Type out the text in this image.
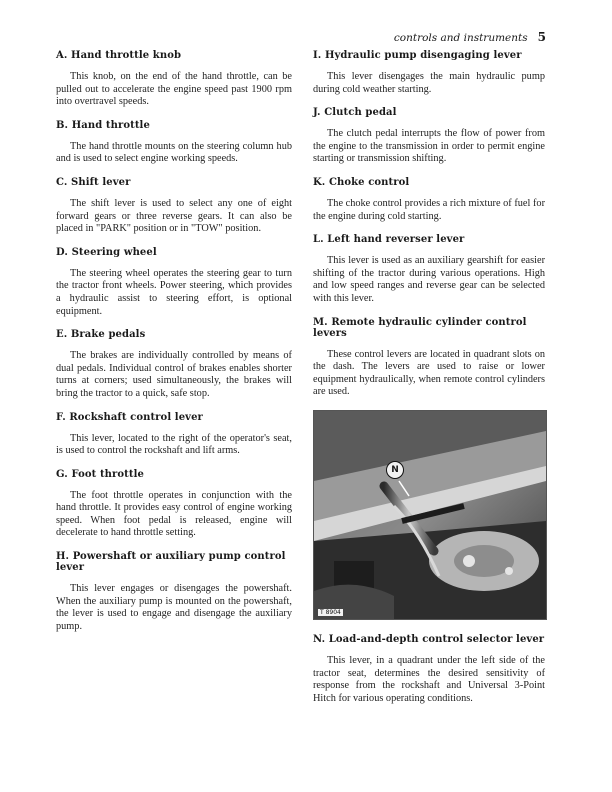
controls and instruments 5
A. Hand throttle knob

This knob, on the end of the hand throttle, can be pulled out to accelerate the engine speed past 1900 rpm into overtravel speeds.

B. Hand throttle

The hand throttle mounts on the steering column hub and is used to select engine working speeds.

C. Shift lever

The shift lever is used to select any one of eight forward gears or three reverse gears. It can also be placed in "PARK" position or in "TOW" position.

D. Steering wheel

The steering wheel operates the steering gear to turn the tractor front wheels. Power steering, which provides a hydraulic assist to steering effort, is optional equipment.

E. Brake pedals

The brakes are individually controlled by means of dual pedals. Individual control of brakes enables shorter turns at corners; used simultaneously, the brakes will bring the tractor to a quick, safe stop.

F. Rockshaft control lever

This lever, located to the right of the operator's seat, is used to control the rockshaft and lift arms.

G. Foot throttle

The foot throttle operates in conjunction with the hand throttle. It provides easy control of engine working speed. When foot pedal is released, engine will decelerate to hand throttle setting.

H. Powershaft or auxiliary pump control lever

This lever engages or disengages the powershaft. When the auxiliary pump is mounted on the powershaft, the lever is used to engage and disengage the auxiliary pump.

I. Hydraulic pump disengaging lever

This lever disengages the main hydraulic pump during cold weather starting.

J. Clutch pedal

The clutch pedal interrupts the flow of power from the engine to the transmission in order to permit engine starting or transmission shifting.

K. Choke control

The choke control provides a rich mixture of fuel for the engine during cold starting.

L. Left hand reverser lever

This lever is used as an auxiliary gearshift for easier shifting of the tractor during various operations. High and low speed ranges and reverse gear can be selected with this lever.

M. Remote hydraulic cylinder control levers

These control levers are located in quadrant slots on the dash. The levers are used to raise or lower equipment hydraulically, when remote control cylinders are used.

N
T 8904
N. Load-and-depth control selector lever

This lever, in a quadrant under the left side of the tractor seat, determines the desired sensitivity of response from the rockshaft and Universal 3-Point Hitch for various operating conditions.
